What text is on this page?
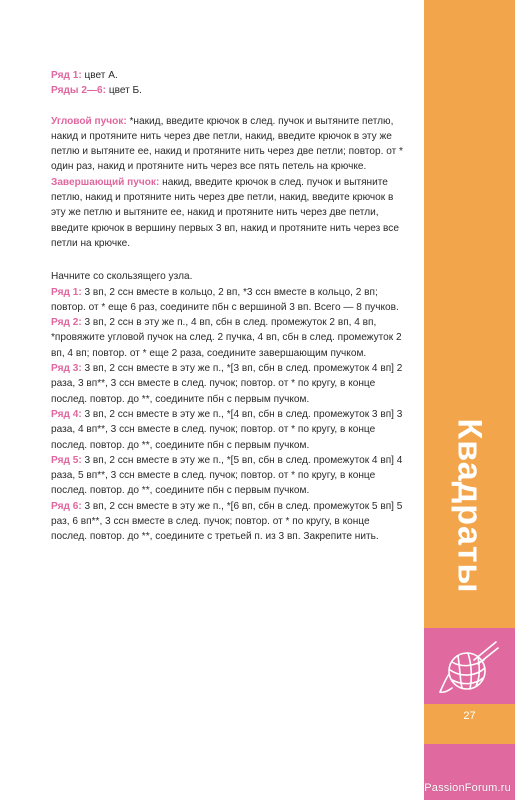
Ряд 1: цвет А.

Ряды 2—6: цвет Б.

Угловой пучок: *накид, введите крючок в след. пучок и вытяните петлю, накид и протяните нить через две петли, накид, введите крючок в эту же петлю и вытяните ее, накид и протяните нить через две петли; повтор. от * один раз, накид и протяните нить через все пять петель на крючке.

Завершающий пучок: накид, введите крючок в след. пучок и вытяните петлю, накид и протяните нить через две петли, накид, введите крючок в эту же петлю и вытяните ее, накид и протяните нить через две петли, введите крючок в вершину первых 3 вп, накид и протяните нить через все петли на крючке.

Начните со скользящего узла.

Ряд 1: 3 вп, 2 ссн вместе в кольцо, 2 вп, *3 ссн вместе в кольцо, 2 вп; повтор. от * еще 6 раз, соедините пбн с вершиной 3 вп. Всего — 8 пучков.

Ряд 2: 3 вп, 2 ссн в эту же п., 4 вп, сбн в след. промежуток 2 вп, 4 вп, *провяжите угловой пучок на след. 2 пучка, 4 вп, сбн в след. промежуток 2 вп, 4 вп; повтор. от * еще 2 раза, соедините завершающим пучком.

Ряд 3: 3 вп, 2 ссн вместе в эту же п., *[3 вп, сбн в след. промежуток 4 вп] 2 раза, 3 вп**, 3 ссн вместе в след. пучок; повтор. от * по кругу, в конце послед. повтор. до **, соедините пбн с первым пучком.

Ряд 4: 3 вп, 2 ссн вместе в эту же п., *[4 вп, сбн в след. промежуток 3 вп] 3 раза, 4 вп**, 3 ссн вместе в след. пучок; повтор. от * по кругу, в конце послед. повтор. до **, соедините пбн с первым пучком.

Ряд 5: 3 вп, 2 ссн вместе в эту же п., *[5 вп, сбн в след. промежуток 4 вп] 4 раза, 5 вп**, 3 ссн вместе в след. пучок; повтор. от * по кругу, в конце послед. повтор. до **, соедините пбн с первым пучком.

Ряд 6: 3 вп, 2 ссн вместе в эту же п., *[6 вп, сбн в след. промежуток 5 вп] 5 раз, 6 вп**, 3 ссн вместе в след. пучок; повтор. от * по кругу, в конце послед. повтор. до **, соедините с третьей п. из 3 вп. Закрепите нить.

27
PassionForum.ru
